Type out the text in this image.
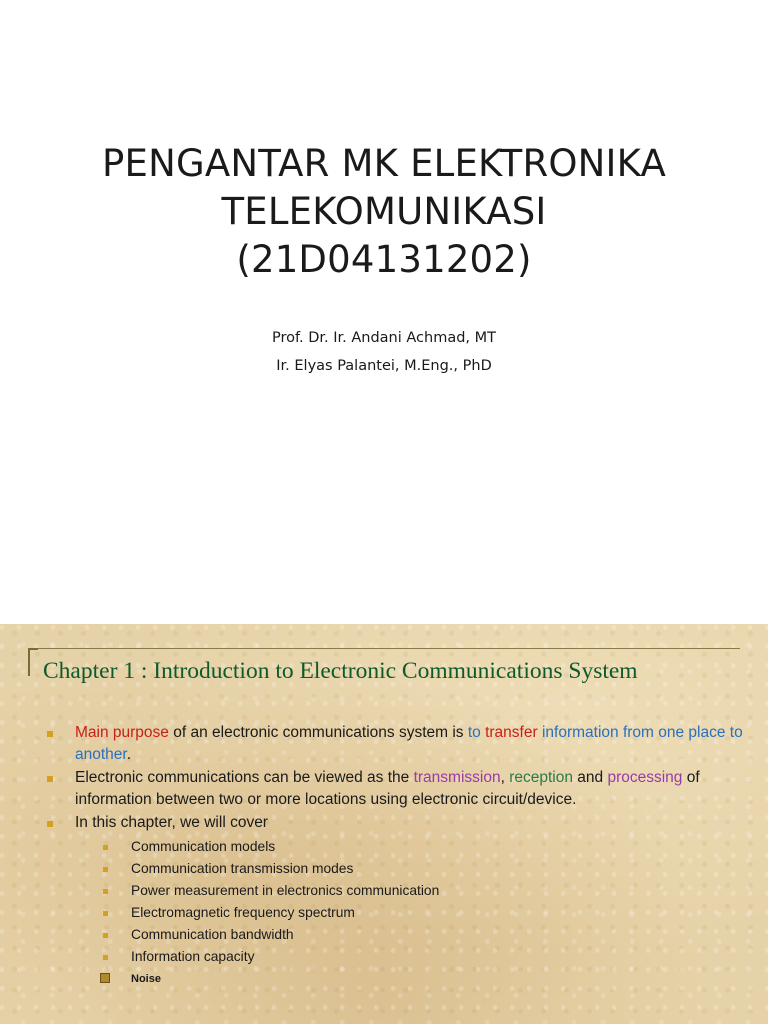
PENGANTAR MK ELEKTRONIKA
TELEKOMUNIKASI
(21D04131202)
Prof. Dr. Ir. Andani Achmad, MT
Ir. Elyas Palantei, M.Eng., PhD
Chapter 1 : Introduction to Electronic Communications System
Main purpose of an electronic communications system is to transfer information from one place to another.
Electronic communications can be viewed as the transmission, reception and processing of information between two or more locations using electronic circuit/device.
In this chapter, we will cover
Communication models
Communication transmission modes
Power measurement in electronics communication
Electromagnetic frequency spectrum
Communication bandwidth
Information capacity
Noise
